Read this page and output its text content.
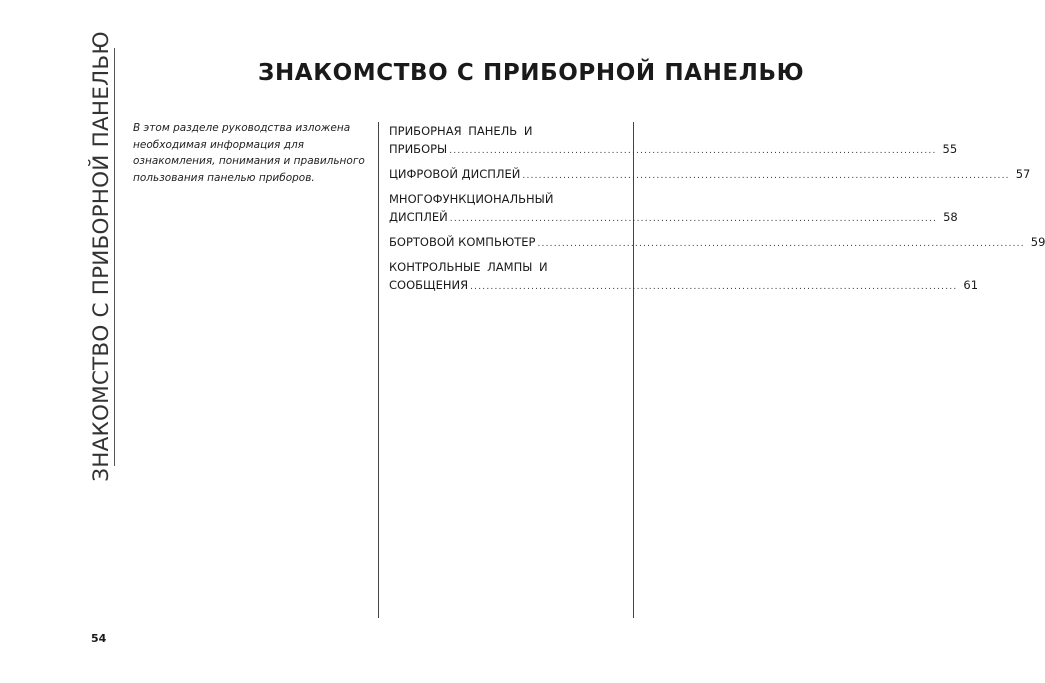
ЗНАКОМСТВО С ПРИБОРНОЙ ПАНЕЛЬЮ	ЗНАКОМСТВО С ПРИБОРНОЙ ПАНЕЛЬЮ
В этом разделе руководства изложена
необходимая информация для
ознакомления, понимания и правильного
пользования панелью приборов.
ПРИБОРНАЯ ПАНЕЛЬ И
ПРИБОРЫ ........................................................................................................................ 55
ЦИФРОВОЙ ДИСПЛЕЙ ........................................................................................................................ 57
МНОГОФУНКЦИОНАЛЬНЫЙ
ДИСПЛЕЙ ........................................................................................................................ 58
БОРТОВОЙ КОМПЬЮТЕР ........................................................................................................................ 59
КОНТРОЛЬНЫЕ ЛАМПЫ И
СООБЩЕНИЯ ........................................................................................................................ 61
54
